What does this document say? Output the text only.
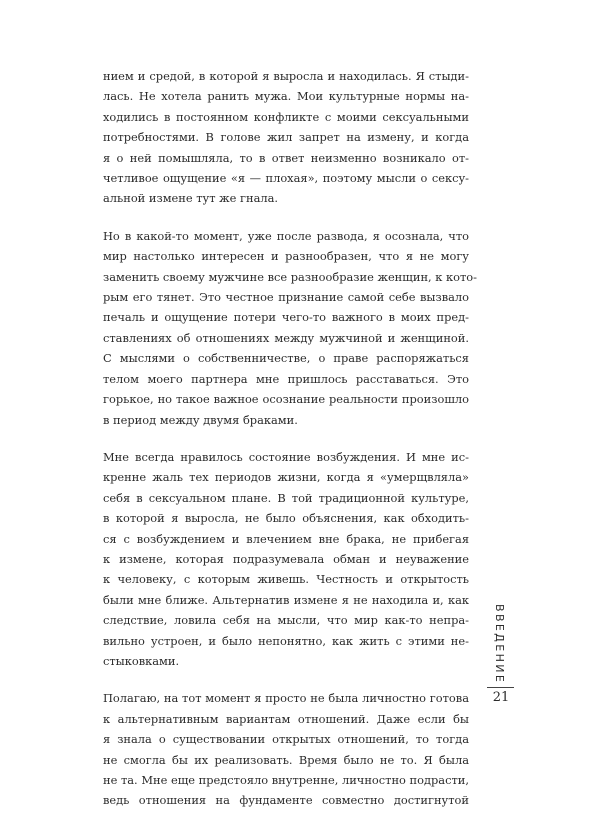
нием и средой, в которой я выросла и находилась. Я стыди-
лась. Не хотела ранить мужа. Мои культурные нормы на-
ходились в постоянном конфликте с моими сексуальными
потребностями. В голове жил запрет на измену, и когда
я о ней помышляла, то в ответ неизменно возникало от-
четливое ощущение «я — плохая», поэтому мысли о сексу-
альной измене тут же гнала.

Но в какой-то момент, уже после развода, я осознала, что
мир настолько интересен и разнообразен, что я не могу
заменить своему мужчине все разнообразие женщин, к кото-
рым его тянет. Это честное признание самой себе вызвало
печаль и ощущение потери чего-то важного в моих пред-
ставлениях об отношениях между мужчиной и женщиной.
С мыслями о собственничестве, о праве распоряжаться
телом моего партнера мне пришлось расставаться. Это
горькое, но такое важное осознание реальности произошло
в период между двумя браками.

Мне всегда нравилось состояние возбуждения. И мне ис-
кренне жаль тех периодов жизни, когда я «умерщвляла»
себя в сексуальном плане. В той традиционной культуре,
в которой я выросла, не было объяснения, как обходить-
ся с возбуждением и влечением вне брака, не прибегая
к измене, которая подразумевала обман и неуважение
к человеку, с которым живешь. Честность и открытость
были мне ближе. Альтернатив измене я не находила и, как
следствие, ловила себя на мысли, что мир как-то непра-
вильно устроен, и было непонятно, как жить с этими не-
стыковками.

Полагаю, на тот момент я просто не была личностно готова
к альтернативным вариантам отношений. Даже если бы
я знала о существовании открытых отношений, то тогда
не смогла бы их реализовать. Время было не то. Я была
не та. Мне еще предстояло внутренне, личностно подрасти,
ведь отношения на фундаменте совместно достигнутой

ВВЕДЕНИЕ
21
